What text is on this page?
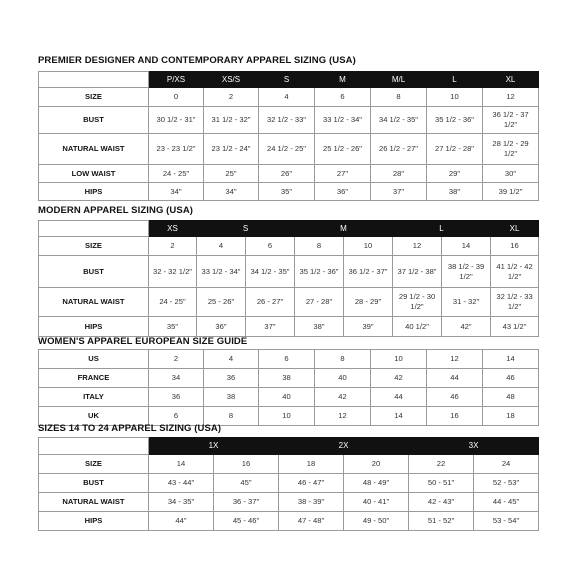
PREMIER DESIGNER AND CONTEMPORARY APPAREL SIZING (USA)
	P/XS	XS/S	S	M	M/L	L	XL
SIZE	0	2	4	6	8	10	12
BUST	30 1/2 - 31"	31 1/2 - 32"	32 1/2 - 33"	33 1/2 - 34"	34 1/2 - 35"	35 1/2 - 36"	36 1/2 - 37 1/2"

NATURAL WAIST	23 - 23 1/2"	23 1/2 - 24"	24 1/2 - 25"	25 1/2 - 26"	26 1/2 - 27"	27 1/2 - 28"	28 1/2 - 29 1/2"

LOW WAIST	24 - 25"	25"	26"	27"	28"	29"	30"
HIPS	34"	34"	35"	36"	37"	38"	39 1/2"
MODERN APPAREL SIZING (USA)
	XS	S		M		L		XL
SIZE	2	4	6	8	10	12	14	16
BUST	32 - 32 1/2"	33 1/2 - 34"	34 1/2 - 35"	35 1/2 - 36"	36 1/2 - 37"	37 1/2 - 38"	38 1/2 - 39 1/2"	41 1/2 - 42 1/2"

NATURAL WAIST	24 - 25"	25 - 26"	26 - 27"	27 - 28"	28 - 29"	29 1/2 - 30 1/2"	31 - 32"	32 1/2 - 33 1/2"

HIPS	35"	36"	37"	38"	39"	40 1/2"	42"	43 1/2"
WOMEN'S APPAREL EUROPEAN SIZE GUIDE
US	2	4	6	8	10	12	14
FRANCE	34	36	38	40	42	44	46
ITALY	36	38	40	42	44	46	48
UK	6	8	10	12	14	16	18
SIZES 14 TO 24 APPAREL SIZING (USA)
	1X		2X		3X	
SIZE	14	16	18	20	22	24
BUST	43 - 44"	45"	46 - 47"	48 - 49"	50 - 51"	52 - 53"
NATURAL WAIST	34 - 35"	36 - 37"	38 - 39"	40 - 41"	42 - 43"	44 - 45"
HIPS	44"	45 - 46"	47 - 48"	49 - 50"	51 - 52"	53 - 54"
